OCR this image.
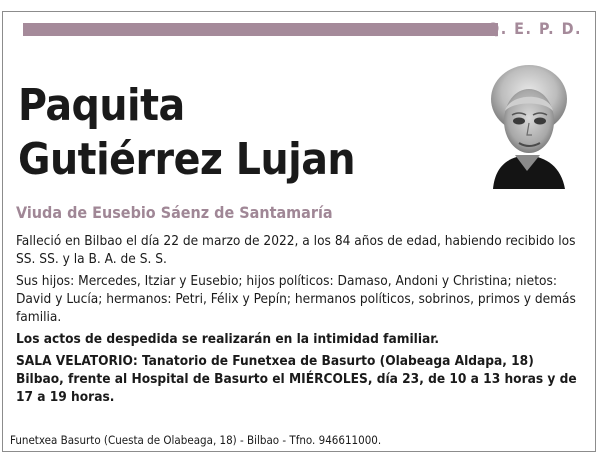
Q. E. P. D.
Paquita
Gutiérrez Lujan
Viuda de Eusebio Sáenz de Santamaría

Falleció en Bilbao el día 22 de marzo de 2022, a los 84 años de edad, habiendo recibido los SS. SS. y la B. A. de S. S.

Sus hijos: Mercedes, Itziar y Eusebio; hijos políticos: Damaso, Andoni y Christina; nietos: David y Lucía; hermanos: Petri, Félix y Pepín; hermanos políticos, sobrinos, primos y demás familia.

Los actos de despedida se realizarán en la intimidad familiar.

SALA VELATORIO: Tanatorio de Funetxea de Basurto (Olabeaga Aldapa, 18) Bilbao, frente al Hospital de Basurto el MIÉRCOLES, día 23, de 10 a 13 horas y de 17 a 19 horas.

Funetxea Basurto (Cuesta de Olabeaga, 18) - Bilbao - Tfno. 946611000.
